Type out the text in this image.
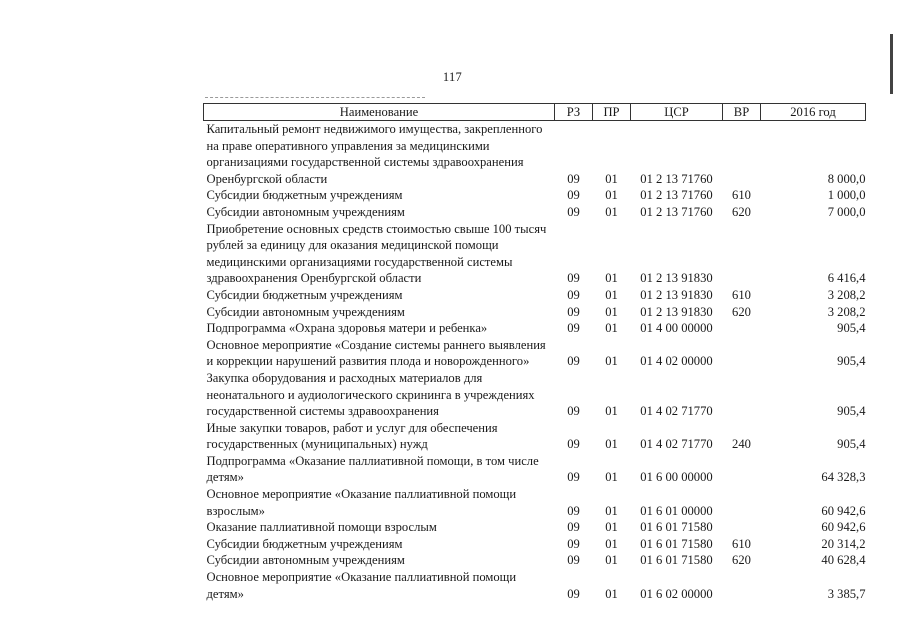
117
Наименование	РЗ	ПР	ЦСР	ВР	2016 год
Капитальный ремонт недвижимого имущества, закрепленного на праве оперативного управления за медицинскими организациями государственной системы здравоохранения Оренбургской области	09	01	01 2 13 71760		8 000,0
Субсидии бюджетным учреждениям	09	01	01 2 13 71760	610	1 000,0
Субсидии автономным учреждениям	09	01	01 2 13 71760	620	7 000,0
Приобретение основных средств стоимостью свыше 100 тысяч рублей за единицу для оказания медицинской помощи медицинскими организациями государственной системы здравоохранения Оренбургской области	09	01	01 2 13 91830		6 416,4
Субсидии бюджетным учреждениям	09	01	01 2 13 91830	610	3 208,2
Субсидии автономным учреждениям	09	01	01 2 13 91830	620	3 208,2
Подпрограмма «Охрана здоровья матери и ребенка»	09	01	01 4 00 00000		905,4
Основное мероприятие «Создание системы раннего выявления и коррекции нарушений развития плода и новорожденного»	09	01	01 4 02 00000		905,4
Закупка оборудования и расходных материалов для неонатального и аудиологического скрининга в учреждениях государственной системы здравоохранения	09	01	01 4 02 71770		905,4
Иные закупки товаров, работ и услуг для обеспечения государственных (муниципальных) нужд	09	01	01 4 02 71770	240	905,4
Подпрограмма «Оказание паллиативной помощи, в том числе детям»	09	01	01 6 00 00000		64 328,3
Основное мероприятие «Оказание паллиативной помощи взрослым»	09	01	01 6 01 00000		60 942,6
Оказание паллиативной помощи взрослым	09	01	01 6 01 71580		60 942,6
Субсидии бюджетным учреждениям	09	01	01 6 01 71580	610	20 314,2
Субсидии автономным учреждениям	09	01	01 6 01 71580	620	40 628,4
Основное мероприятие «Оказание паллиативной помощи детям»	09	01	01 6 02 00000		3 385,7
